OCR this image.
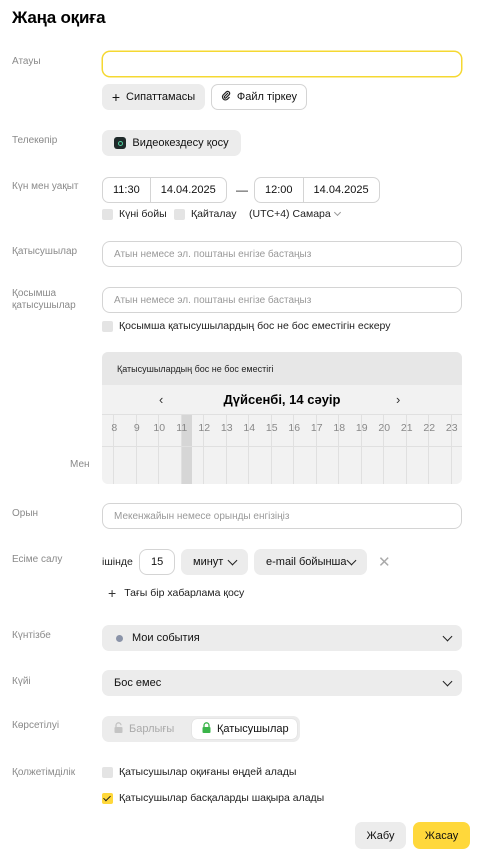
Жаңа оқиға
Атауы
+ Сипаттамасы	Файл тіркеу
Телекөпір	Видеокездесу қосу
Күн мен уақыт	11:30	14.04.2025	—	12:00	14.04.2025
Күні бойы Қайталау (UTC+4) Самара
Қатысушылар	Атын немесе эл. поштаны енгізе бастаңыз
Қосымша
қатысушылар	Атын немесе эл. поштаны енгізе бастаңыз
Қосымша қатысушылардың бос не бос еместігін ескеру
Қатысушылардың бос не бос еместігі
‹	Дүйсенбі, 14 сәуір	›
8	9	10	11	12	13	14	15	16	17	18	19	20	21	22	23
Мен
Орын	Мекенжайын немесе орынды енгізіңіз
Есіме салу	ішінде	15	минут	e-mail бойынша ✕
+ Тағы бір хабарлама қосу
Күнтізбе	Мои события
Күйі	Бос емес
Көрсетілуі	Барлығы	Қатысушылар
Қолжетімділік	Қатысушылар оқиғаны өңдей алады
Қатысушылар басқаларды шақыра алады
Жабу	Жасау
